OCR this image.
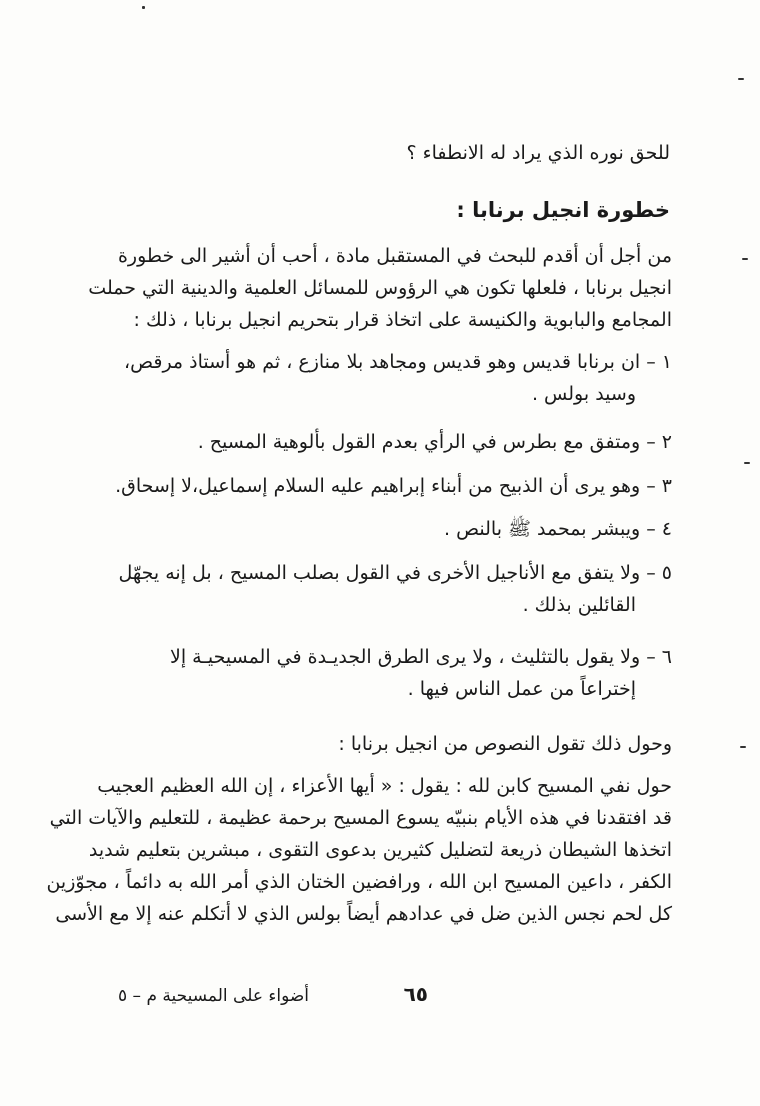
للحق نوره الذي يراد له الانطفاء ؟
خطورة انجيل برنابا :
من أجل أن أقدم للبحث في المستقبل مادة ، أحب أن أشير الى خطورة
انجيل برنابا ، فلعلها تكون هي الرؤوس للمسائل العلمية والدينية التي حملت
المجامع والبابوية والكنيسة على اتخاذ قرار بتحريم انجيل برنابا ، ذلك :
١ – ان برنابا قديس وهو قديس ومجاهد بلا منازع ، ثم هو أستاذ مرقص،
وسيد بولس .
٢ – ومتفق مع بطرس في الرأي بعدم القول بألوهية المسيح .
٣ – وهو يرى أن الذبيح من أبناء إبراهيم عليه السلام إسماعيل،لا إسحاق.
٤ – ويبشر بمحمد ﷺ بالنص .
٥ – ولا يتفق مع الأناجيل الأخرى في القول بصلب المسيح ، بل إنه يجهّل
القائلين بذلك .
٦ – ولا يقول بالتثليث ، ولا يرى الطرق الجديـدة في المسيحيـة إلا
إختراعاً من عمل الناس فيها .
وحول ذلك تقول النصوص من انجيل برنابا :
حول نفي المسيح كابن لله : يقول : « أيها الأعزاء ، إن الله العظيم العجيب
قد افتقدنا في هذه الأيام بنبيّه يسوع المسيح برحمة عظيمة ، للتعليم والآيات التي
اتخذها الشيطان ذريعة لتضليل كثيرين بدعوى التقوى ، مبشرين بتعليم شديد
الكفر ، داعين المسيح ابن الله ، ورافضين الختان الذي أمر الله به دائماً ، مجوّزين
كل لحم نجس الذين ضل في عدادهم أيضاً بولس الذي لا أتكلم عنه إلا مع الأسى
٦٥
أضواء على المسيحية م – ٥
